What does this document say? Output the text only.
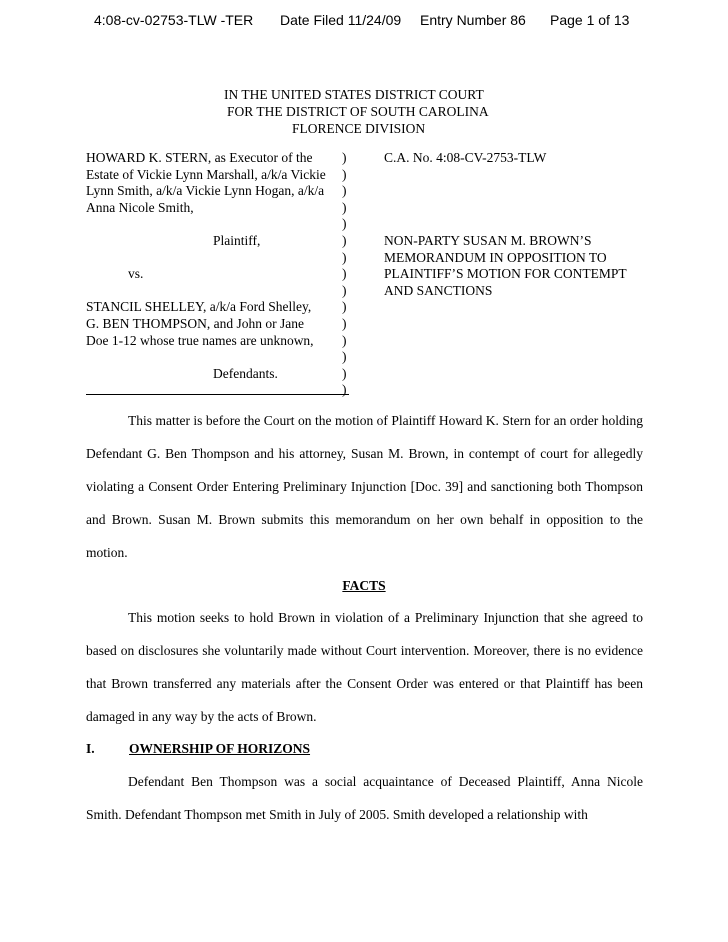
4:08-cv-02753-TLW -TER Date Filed 11/24/09 Entry Number 86 Page 1 of 13
IN THE UNITED STATES DISTRICT COURT
FOR THE DISTRICT OF SOUTH CAROLINA
FLORENCE DIVISION
HOWARD K. STERN, as Executor of the
Estate of Vickie Lynn Marshall, a/k/a Vickie
Lynn Smith, a/k/a Vickie Lynn Hogan, a/k/a
Anna Nicole Smith,
Plaintiff,
vs.
STANCIL SHELLEY, a/k/a Ford Shelley,
G. BEN THOMPSON, and John or Jane
Doe 1-12 whose true names are unknown,
Defendants.
)
)
)
)
)
)
)
)
)
)
)
)
)
)
)
C.A. No. 4:08-CV-2753-TLW
NON-PARTY SUSAN M. BROWN’S
MEMORANDUM IN OPPOSITION TO
PLAINTIFF’S MOTION FOR CONTEMPT
AND SANCTIONS

This matter is before the Court on the motion of Plaintiff Howard K. Stern for an order holding Defendant G. Ben Thompson and his attorney, Susan M. Brown, in contempt of court for allegedly violating a Consent Order Entering Preliminary Injunction [Doc. 39] and sanctioning both Thompson and Brown. Susan M. Brown submits this memorandum on her own behalf in opposition to the motion.

FACTS

This motion seeks to hold Brown in violation of a Preliminary Injunction that she agreed to based on disclosures she voluntarily made without Court intervention. Moreover, there is no evidence that Brown transferred any materials after the Consent Order was entered or that Plaintiff has been damaged in any way by the acts of Brown.

I.	OWNERSHIP OF HORIZONS

Defendant Ben Thompson was a social acquaintance of Deceased Plaintiff, Anna Nicole Smith. Defendant Thompson met Smith in July of 2005. Smith developed a relationship with
